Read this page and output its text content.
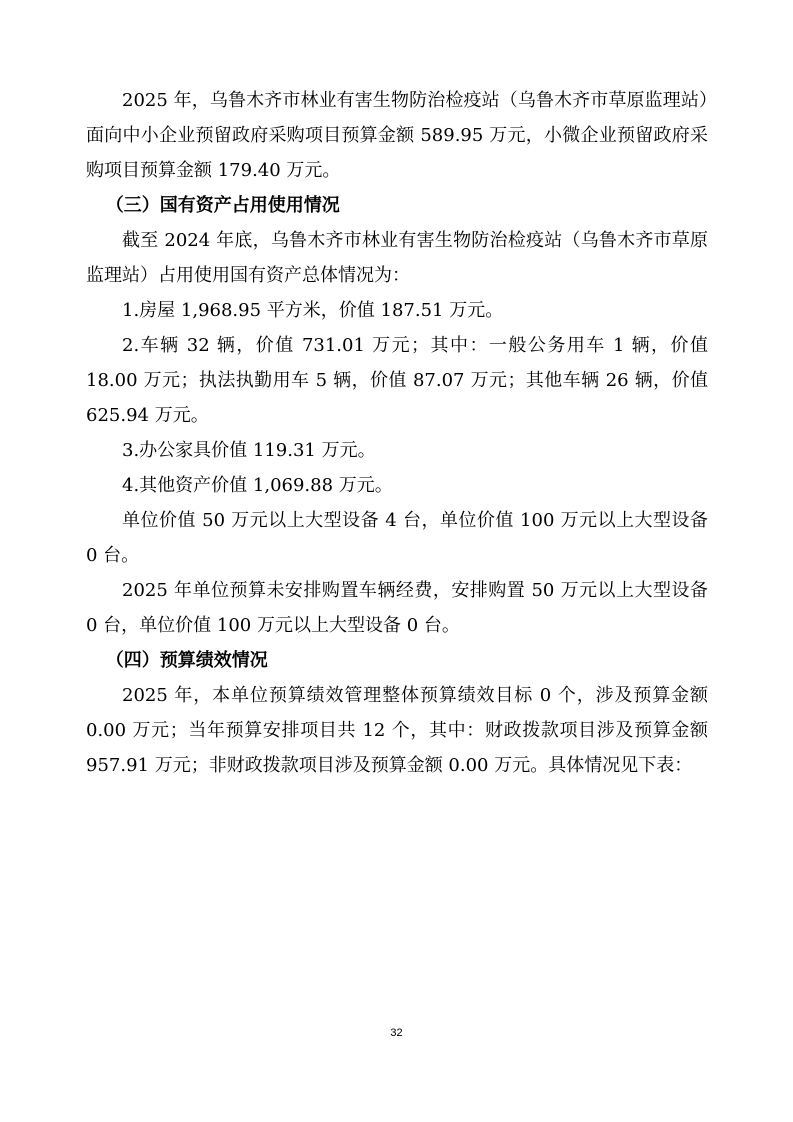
2025 年，乌鲁木齐市林业有害生物防治检疫站（乌鲁木齐市草原监理站）面向中小企业预留政府采购项目预算金额 589.95 万元，小微企业预留政府采购项目预算金额 179.40 万元。

（三）国有资产占用使用情况

截至 2024 年底，乌鲁木齐市林业有害生物防治检疫站（乌鲁木齐市草原监理站）占用使用国有资产总体情况为：

1.房屋 1,968.95 平方米，价值 187.51 万元。

2.车辆 32 辆，价值 731.01 万元；其中：一般公务用车 1 辆，价值 18.00 万元；执法执勤用车 5 辆，价值 87.07 万元；其他车辆 26 辆，价值 625.94 万元。

3.办公家具价值 119.31 万元。

4.其他资产价值 1,069.88 万元。

单位价值 50 万元以上大型设备 4 台，单位价值 100 万元以上大型设备 0 台。

2025 年单位预算未安排购置车辆经费，安排购置 50 万元以上大型设备 0 台，单位价值 100 万元以上大型设备 0 台。

（四）预算绩效情况

2025 年，本单位预算绩效管理整体预算绩效目标 0 个，涉及预算金额 0.00 万元；当年预算安排项目共 12 个，其中：财政拨款项目涉及预算金额 957.91 万元；非财政拨款项目涉及预算金额 0.00 万元。具体情况见下表：

32
